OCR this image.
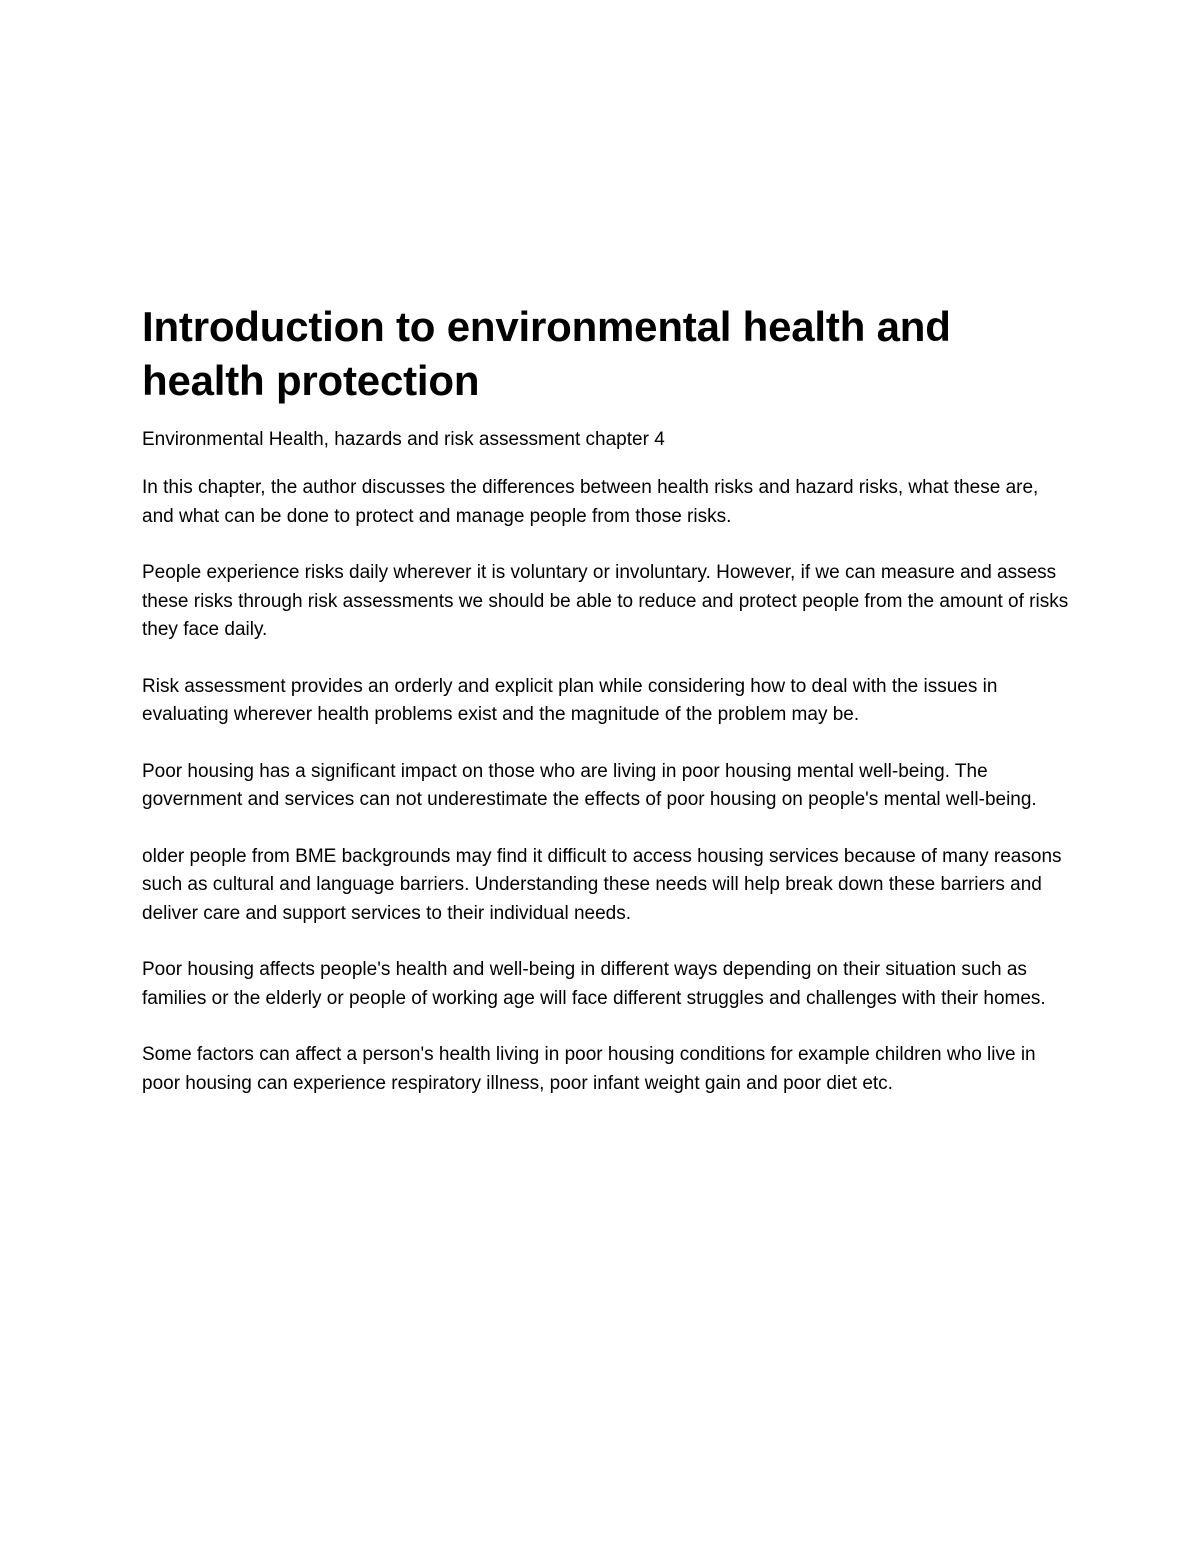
Introduction to environmental health and health protection

Environmental Health, hazards and risk assessment chapter 4

In this chapter, the author discusses the differences between health risks and hazard risks, what these are, and what can be done to protect and manage people from those risks.

People experience risks daily wherever it is voluntary or involuntary. However, if we can measure and assess these risks through risk assessments we should be able to reduce and protect people from the amount of risks they face daily.

Risk assessment provides an orderly and explicit plan while considering how to deal with the issues in evaluating wherever health problems exist and the magnitude of the problem may be.

Poor housing has a significant impact on those who are living in poor housing mental well-being. The government and services can not underestimate the effects of poor housing on people's mental well-being.

older people from BME backgrounds may find it difficult to access housing services because of many reasons such as cultural and language barriers. Understanding these needs will help break down these barriers and deliver care and support services to their individual needs.

Poor housing affects people's health and well-being in different ways depending on their situation such as families or the elderly or people of working age will face different struggles and challenges with their homes.

Some factors can affect a person's health living in poor housing conditions for example children who live in poor housing can experience respiratory illness, poor infant weight gain and poor diet etc.
